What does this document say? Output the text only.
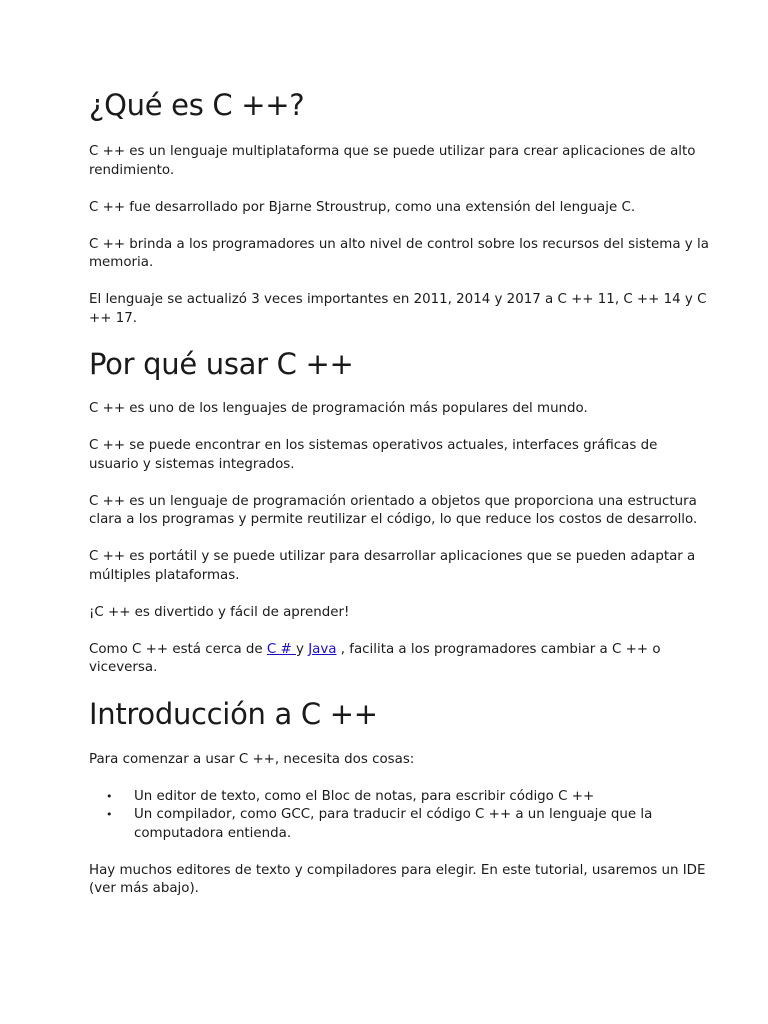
¿Qué es C ++?

C ++ es un lenguaje multiplataforma que se puede utilizar para crear aplicaciones de alto rendimiento.

C ++ fue desarrollado por Bjarne Stroustrup, como una extensión del lenguaje C.

C ++ brinda a los programadores un alto nivel de control sobre los recursos del sistema y la memoria.

El lenguaje se actualizó 3 veces importantes en 2011, 2014 y 2017 a C ++ 11, C ++ 14 y C ++ 17.

Por qué usar C ++

C ++ es uno de los lenguajes de programación más populares del mundo.

C ++ se puede encontrar en los sistemas operativos actuales, interfaces gráficas de usuario y sistemas integrados.

C ++ es un lenguaje de programación orientado a objetos que proporciona una estructura clara a los programas y permite reutilizar el código, lo que reduce los costos de desarrollo.

C ++ es portátil y se puede utilizar para desarrollar aplicaciones que se pueden adaptar a múltiples plataformas.

¡C ++ es divertido y fácil de aprender!

Como C ++ está cerca de C # y Java , facilita a los programadores cambiar a C ++ o viceversa.

Introducción a C ++

Para comenzar a usar C ++, necesita dos cosas:

• Un editor de texto, como el Bloc de notas, para escribir código C ++
• Un compilador, como GCC, para traducir el código C ++ a un lenguaje que la computadora entienda.

Hay muchos editores de texto y compiladores para elegir. En este tutorial, usaremos un IDE (ver más abajo).
